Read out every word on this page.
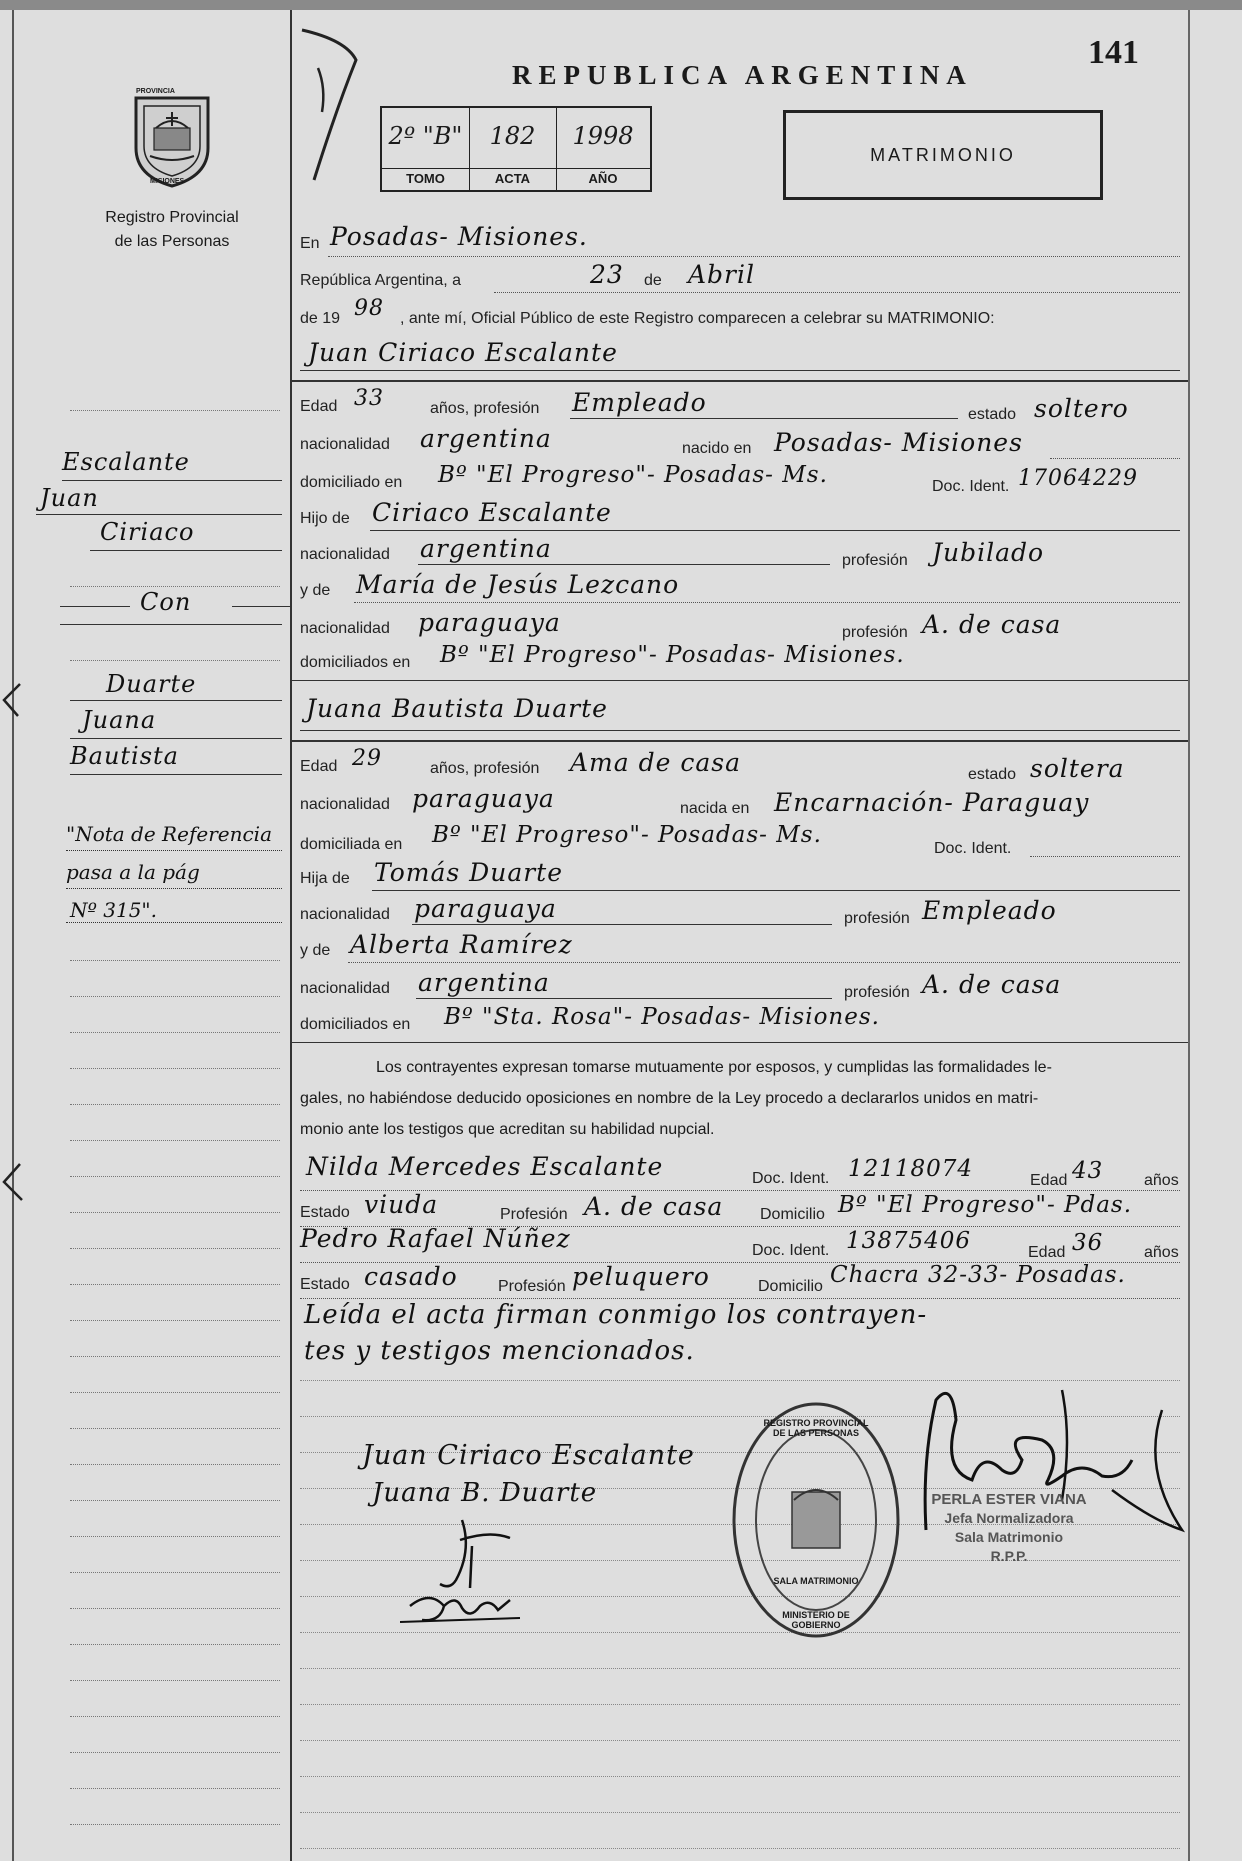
141
PROVINCIA
MISIONES
Registro Provincial
de las Personas
REPUBLICA ARGENTINA
2º "B"
TOMO
182
ACTA
1998
AÑO
MATRIMONIO
En Posadas- Misiones.
República Argentina, a	23 de Abril
de 19 98 , ante mí, Oficial Público de este Registro comparecen a celebrar su MATRIMONIO:
Juan Ciriaco Escalante
Edad 33	años, profesión Empleado	estado soltero
nacionalidad argentina	nacido en Posadas- Misiones
domiciliado en Bº "El Progreso"- Posadas- Ms.	Doc. Ident. 17064229
Hijo de Ciriaco Escalante
nacionalidad argentina	profesión Jubilado
y de María de Jesús Lezcano
nacionalidad paraguaya	profesión A. de casa
domiciliados en Bº "El Progreso"- Posadas- Misiones.
Juana Bautista Duarte
Edad 29	años, profesión Ama de casa	estado soltera
nacionalidad paraguaya	nacida en Encarnación- Paraguay
domiciliada en Bº "El Progreso"- Posadas- Ms.
Doc. Ident.
Hija de Tomás Duarte
nacionalidad paraguaya	profesión Empleado
y de Alberta Ramírez
nacionalidad argentina	profesión A. de casa
domiciliados en Bº "Sta. Rosa"- Posadas- Misiones.
Los contrayentes expresan tomarse mutuamente por esposos, y cumplidas las formalidades le-
gales, no habiéndose deducido oposiciones en nombre de la Ley procedo a declararlos unidos en matri-
monio ante los testigos que acreditan su habilidad nupcial.
Nilda Mercedes Escalante	Doc. Ident. 12118074	Edad 43	años
Estado viuda	Profesión A. de casa Domicilio Bº "El Progreso"- Pdas.
Pedro Rafael Núñez	Doc. Ident. 13875406	Edad 36	años
Estado casado	Profesión peluquero	Domicilio Chacra 32-33- Posadas.
Leída el acta firman conmigo los contrayen-
tes y testigos mencionados.
Juan Ciriaco Escalante
Juana B. Duarte
REGISTRO PROVINCIAL DE LAS PERSONAS
SALA MATRIMONIO
MINISTERIO DE GOBIERNO
PERLA ESTER VIANA
Jefa Normalizadora
Sala Matrimonio
R.P.P.
Escalante
Juan
Ciriaco
Con
Duarte
Juana
Bautista
"Nota de Referencia
pasa a la pág
Nº 315".
